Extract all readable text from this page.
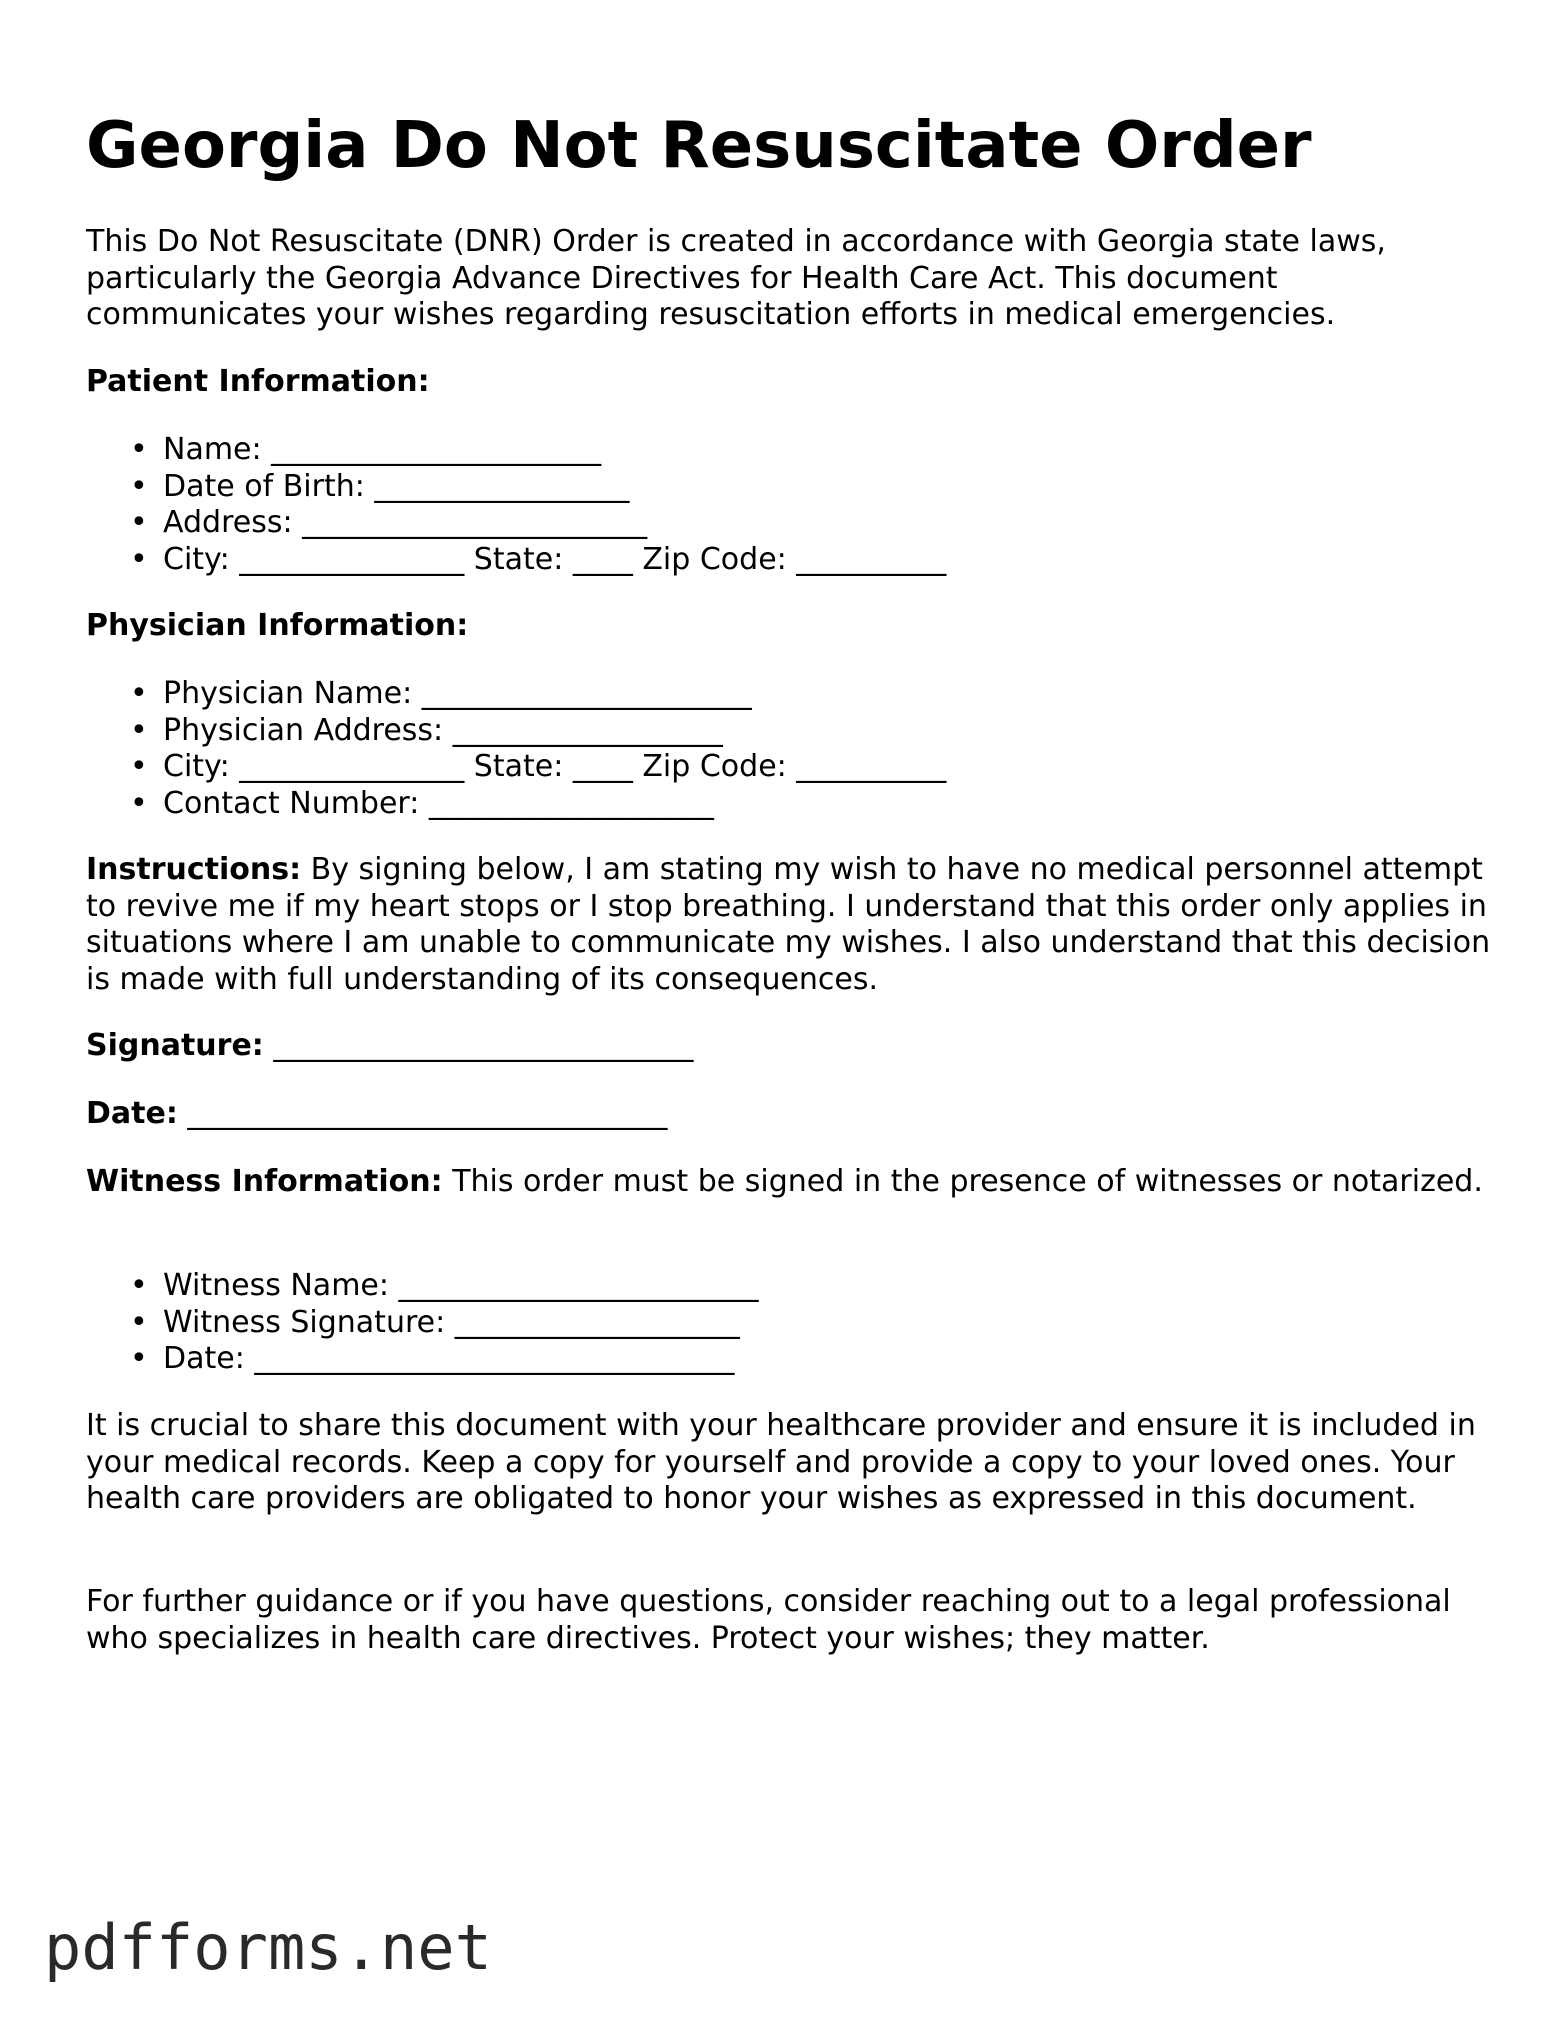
Georgia Do Not Resuscitate Order

This Do Not Resuscitate (DNR) Order is created in accordance with Georgia state laws, particularly the Georgia Advance Directives for Health Care Act. This document communicates your wishes regarding resuscitation efforts in medical emergencies.

Patient Information:

• Name: ______________________
• Date of Birth: _________________
• Address: _______________________
• City: _______________ State: ____ Zip Code: __________

Physician Information:

• Physician Name: ______________________
• Physician Address: __________________
• City: _______________ State: ____ Zip Code: __________
• Contact Number: ___________________

Instructions: By signing below, I am stating my wish to have no medical personnel attempt to revive me if my heart stops or I stop breathing. I understand that this order only applies in situations where I am unable to communicate my wishes. I also understand that this decision is made with full understanding of its consequences.

Signature: ____________________________

Date: ________________________________

Witness Information: This order must be signed in the presence of witnesses or notarized.

• Witness Name: ________________________
• Witness Signature: ___________________
• Date: ________________________________

It is crucial to share this document with your healthcare provider and ensure it is included in your medical records. Keep a copy for yourself and provide a copy to your loved ones. Your health care providers are obligated to honor your wishes as expressed in this document.

For further guidance or if you have questions, consider reaching out to a legal professional who specializes in health care directives. Protect your wishes; they matter.

pdfforms.net
